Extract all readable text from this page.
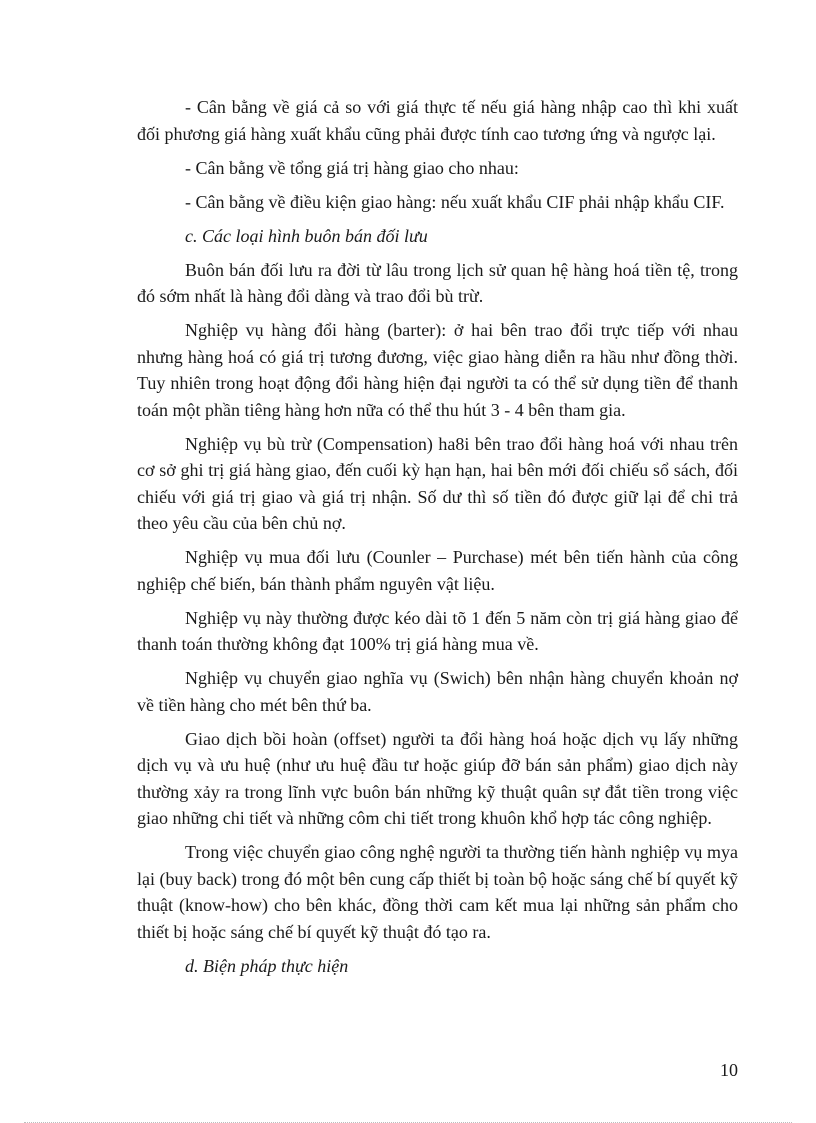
- Cân bằng về giá cả so với giá thực tế nếu giá hàng nhập cao thì khi xuất đối phương giá hàng xuất khẩu cũng phải được tính cao tương ứng và ngược lại.

- Cân bằng về tổng giá trị hàng giao cho nhau:

- Cân bằng về điều kiện giao hàng: nếu xuất khẩu CIF phải nhập khẩu CIF.

c. Các loại hình buôn bán đối lưu

Buôn bán đối lưu ra đời từ lâu trong lịch sử quan hệ hàng hoá tiền tệ, trong đó sớm nhất là hàng đổi dàng và trao đổi bù trừ.

Nghiệp vụ hàng đổi hàng (barter): ở hai bên trao đổi trực tiếp với nhau nhưng hàng hoá có giá trị tương đương, việc giao hàng diễn ra hầu như đồng thời. Tuy nhiên trong hoạt động đổi hàng hiện đại người ta có thể sử dụng tiền để thanh toán một phần tiêng hàng hơn nữa có thể thu hút 3 - 4 bên tham gia.

Nghiệp vụ bù trừ (Compensation) ha8i bên trao đổi hàng hoá với nhau trên cơ sở ghi trị giá hàng giao, đến cuối kỳ hạn hạn, hai bên mới đối chiếu sổ sách, đối chiếu với giá trị giao và giá trị nhận. Số dư thì số tiền đó được giữ lại để chi trả theo yêu cầu của bên chủ nợ.

Nghiệp vụ mua đối lưu (Counler – Purchase) mét bên tiến hành của công nghiệp chế biến, bán thành phẩm nguyên vật liệu.

Nghiệp vụ này thường được kéo dài tõ 1 đến 5 năm còn trị giá hàng giao để thanh toán thường không đạt 100% trị giá hàng mua về.

Nghiệp vụ chuyển giao nghĩa vụ (Swich) bên nhận hàng chuyển khoản nợ về tiền hàng cho mét bên thứ ba.

Giao dịch bồi hoàn (offset) người ta đổi hàng hoá hoặc dịch vụ lấy những dịch vụ và ưu huệ (như ưu huệ đầu tư hoặc giúp đỡ bán sản phẩm) giao dịch này thường xảy ra trong lĩnh vực buôn bán những kỹ thuật quân sự đắt tiền trong việc giao những chi tiết và những côm chi tiết trong khuôn khổ hợp tác công nghiệp.

Trong việc chuyển giao công nghệ người ta thường tiến hành nghiệp vụ mya lại (buy back) trong đó một bên cung cấp thiết bị toàn bộ hoặc sáng chế bí quyết kỹ thuật (know-how) cho bên khác, đồng thời cam kết mua lại những sản phẩm cho thiết bị hoặc sáng chế bí quyết kỹ thuật đó tạo ra.

d. Biện pháp thực hiện

10
